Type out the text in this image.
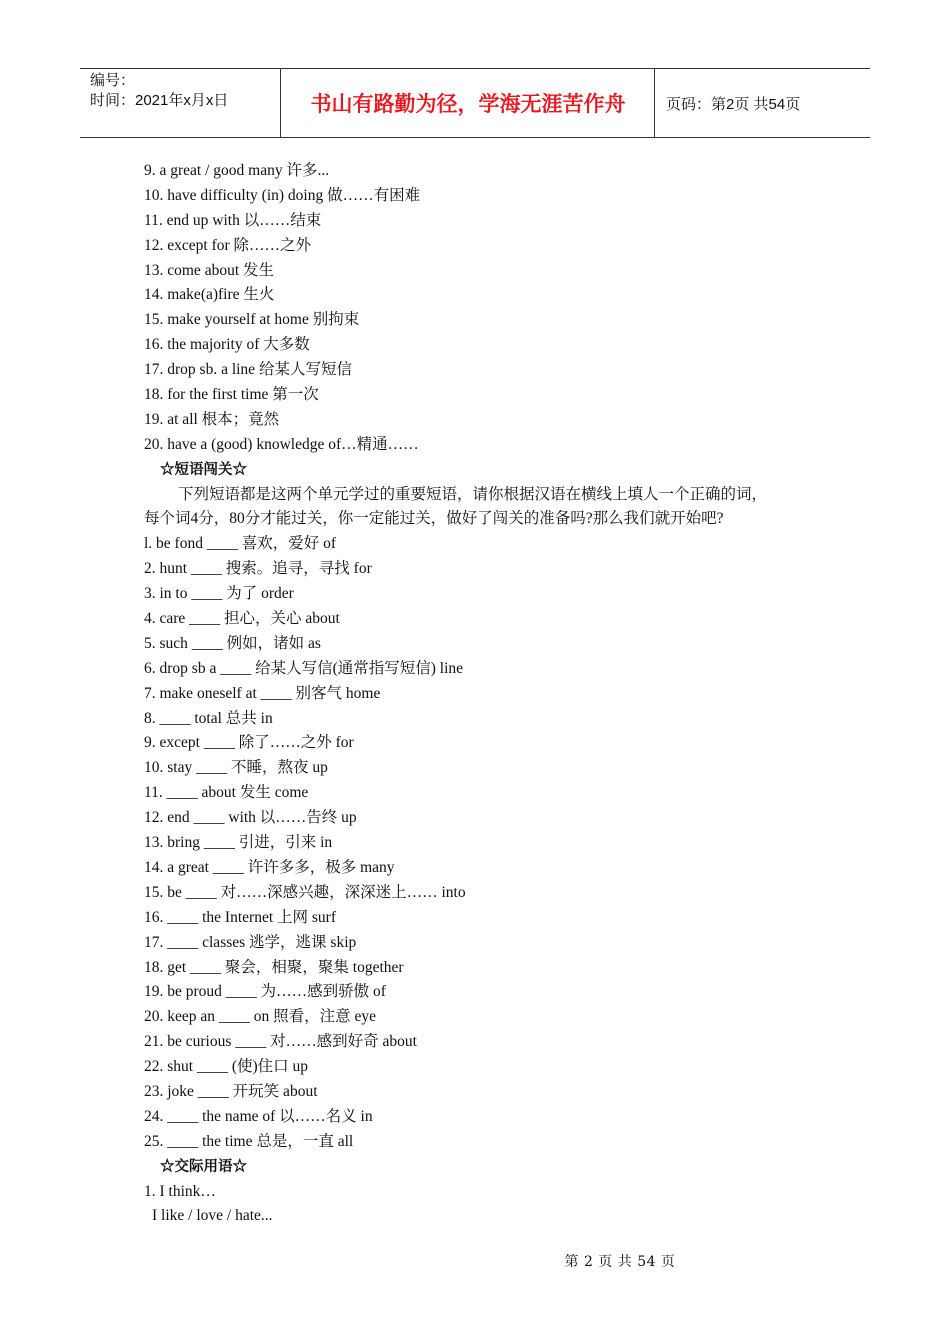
编号：
时间：2021年x月x日	书山有路勤为径，学海无涯苦作舟	页码：第2页 共54页
9. a great / good many 许多...
10. have difficulty (in) doing 做……有困难
11. end up with 以……结束
12. except for 除……之外
13. come about 发生
14. make(a)fire 生火
15. make yourself at home 别拘束
16. the majority of 大多数
17. drop sb. a line 给某人写短信
18. for the first time 第一次
19. at all 根本；竟然
20. have a (good) knowledge of…精通……
☆短语闯关☆
下列短语都是这两个单元学过的重要短语，请你根据汉语在横线上填人一个正确的词，
每个词4分，80分才能过关，你一定能过关，做好了闯关的准备吗?那么我们就开始吧?
l. be fond ____ 喜欢，爱好 of
2. hunt ____ 搜索。追寻，寻找 for
3. in to ____ 为了 order
4. care ____ 担心，关心 about
5. such ____ 例如，诸如 as
6. drop sb a ____ 给某人写信(通常指写短信) line
7. make oneself at ____ 别客气 home
8. ____ total 总共 in
9. except ____ 除了……之外 for
10. stay ____ 不睡，熬夜 up
11. ____ about 发生 come
12. end ____ with 以……告终 up
13. bring ____ 引进，引来 in
14. a great ____ 许许多多，极多 many
15. be ____ 对……深感兴趣，深深迷上…… into
16. ____ the Internet 上网 surf
17. ____ classes 逃学，逃课 skip
18. get ____ 聚会，相聚，聚集 together
19. be proud ____ 为……感到骄傲 of
20. keep an ____ on 照看，注意 eye
21. be curious ____ 对……感到好奇 about
22. shut ____ (使)住口 up
23. joke ____ 开玩笑 about
24. ____ the name of 以……名义 in
25. ____ the time 总是，一直 all
☆交际用语☆
1. I think…
I like / love / hate...
第 2 页 共 54 页
